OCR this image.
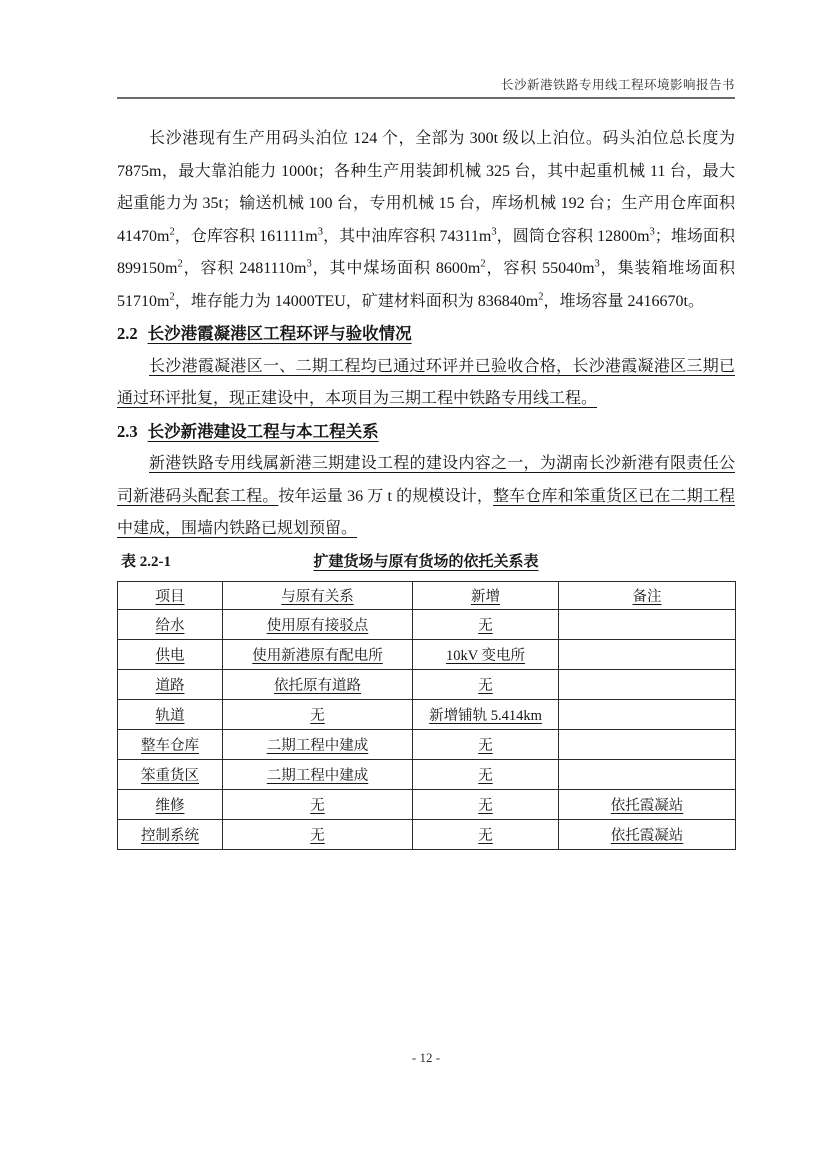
长沙新港铁路专用线工程环境影响报告书

长沙港现有生产用码头泊位 124 个，全部为 300t 级以上泊位。码头泊位总长度为 7875m，最大靠泊能力 1000t；各种生产用装卸机械 325 台，其中起重机械 11 台，最大起重能力为 35t；输送机械 100 台，专用机械 15 台，库场机械 192 台；生产用仓库面积 $41470m^2$，仓库容积 $161111m^3$，其中油库容积 $74311m^3$，圆筒仓容积 $12800m^3$；堆场面积 $899150m^2$，容积 $2481110m^3$，其中煤场面积 $8600m^2$，容积 $55040m^3$，集装箱堆场面积 $51710m^2$，堆存能力为 14000TEU，矿建材料面积为 $836840m^2$，堆场容量 2416670t。

2.2 长沙港霞凝港区工程环评与验收情况

长沙港霞凝港区一、二期工程均已通过环评并已验收合格，长沙港霞凝港区三期已通过环评批复，现正建设中，本项目为三期工程中铁路专用线工程。

2.3 长沙新港建设工程与本工程关系

新港铁路专用线属新港三期建设工程的建设内容之一，为湖南长沙新港有限责任公司新港码头配套工程。按年运量 36 万 t 的规模设计，整车仓库和笨重货区已在二期工程中建成，围墙内铁路已规划预留。

表 2.2-1	扩建货场与原有货场的依托关系表
项目	与原有关系	新增	备注
给水	使用原有接驳点	无	
供电	使用新港原有配电所	10kV 变电所	
道路	依托原有道路	无	
轨道	无	新增铺轨 5.414km	
整车仓库	二期工程中建成	无	
笨重货区	二期工程中建成	无	
维修	无	无	依托霞凝站
控制系统	无	无	依托霞凝站
- 12 -
